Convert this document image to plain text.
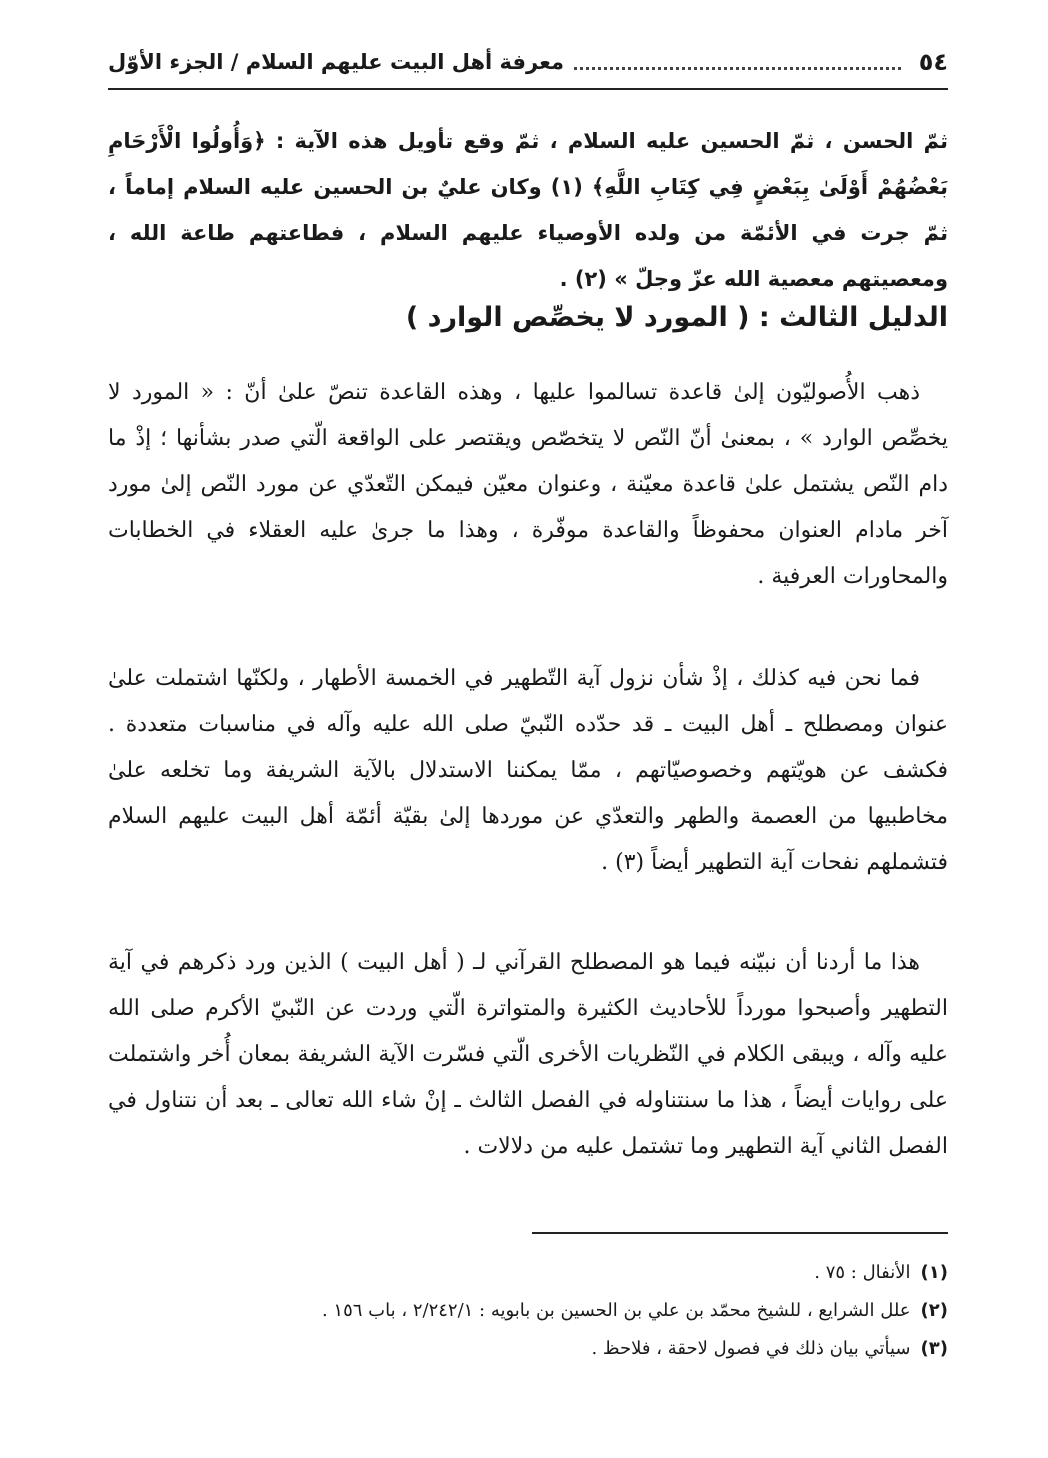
٥٤
معرفة أهل البيت عليهم السلام / الجزء الأوّل

ثمّ الحسن ، ثمّ الحسين عليه السلام ، ثمّ وقع تأويل هذه الآية : ﴿وَأُولُوا الْأَرْحَامِ بَعْضُهُمْ أَوْلَىٰ بِبَعْضٍ فِي كِتَابِ اللَّهِ﴾ (١) وكان عليٌ بن الحسين عليه السلام إماماً ، ثمّ جرت في الأئمّة من ولده الأوصياء عليهم السلام ، فطاعتهم طاعة الله ، ومعصيتهم معصية الله عزّ وجلّ » (٢) .

الدليل الثالث : ( المورد لا يخصِّص الوارد )

ذهب الأُصوليّون إلىٰ قاعدة تسالموا عليها ، وهذه القاعدة تنصّ علىٰ أنّ : « المورد لا يخصِّص الوارد » ، بمعنىٰ أنّ النّص لا يتخصّص ويقتصر على الواقعة الّتي صدر بشأنها ؛ إذْ ما دام النّص يشتمل علىٰ قاعدة معيّنة ، وعنوان معيّن فيمكن التّعدّي عن مورد النّص إلىٰ مورد آخر مادام العنوان محفوظاً والقاعدة موفّرة ، وهذا ما جرىٰ عليه العقلاء في الخطابات والمحاورات العرفية .

فما نحن فيه كذلك ، إذْ شأن نزول آية التّطهير في الخمسة الأطهار ، ولكنّها اشتملت علىٰ عنوان ومصطلح ـ أهل البيت ـ قد حدّده النّبيّ صلى الله عليه وآله في مناسبات متعددة . فكشف عن هويّتهم وخصوصيّاتهم ، ممّا يمكننا الاستدلال بالآية الشريفة وما تخلعه علىٰ مخاطبيها من العصمة والطهر والتعدّي عن موردها إلىٰ بقيّة أئمّة أهل البيت عليهم السلام فتشملهم نفحات آية التطهير أيضاً (٣) .

هذا ما أردنا أن نبيّنه فيما هو المصطلح القرآني لـ ( أهل البيت ) الذين ورد ذكرهم في آية التطهير وأصبحوا مورداً للأحاديث الكثيرة والمتواترة الّتي وردت عن النّبيّ الأكرم صلى الله عليه وآله ، ويبقى الكلام في النّظريات الأخرى الّتي فسّرت الآية الشريفة بمعان أُخر واشتملت على روايات أيضاً ، هذا ما سنتناوله في الفصل الثالث ـ إنْ شاء الله تعالى ـ بعد أن نتناول في الفصل الثاني آية التطهير وما تشتمل عليه من دلالات .

(١)
الأنفال : ٧٥ .
(٢)
علل الشرايع ، للشيخ محمّد بن علي بن الحسين بن بابويه : ٢/٢٤٢/١ ، باب ١٥٦ .
(٣)
سيأتي بيان ذلك في فصول لاحقة ، فلاحظ .
